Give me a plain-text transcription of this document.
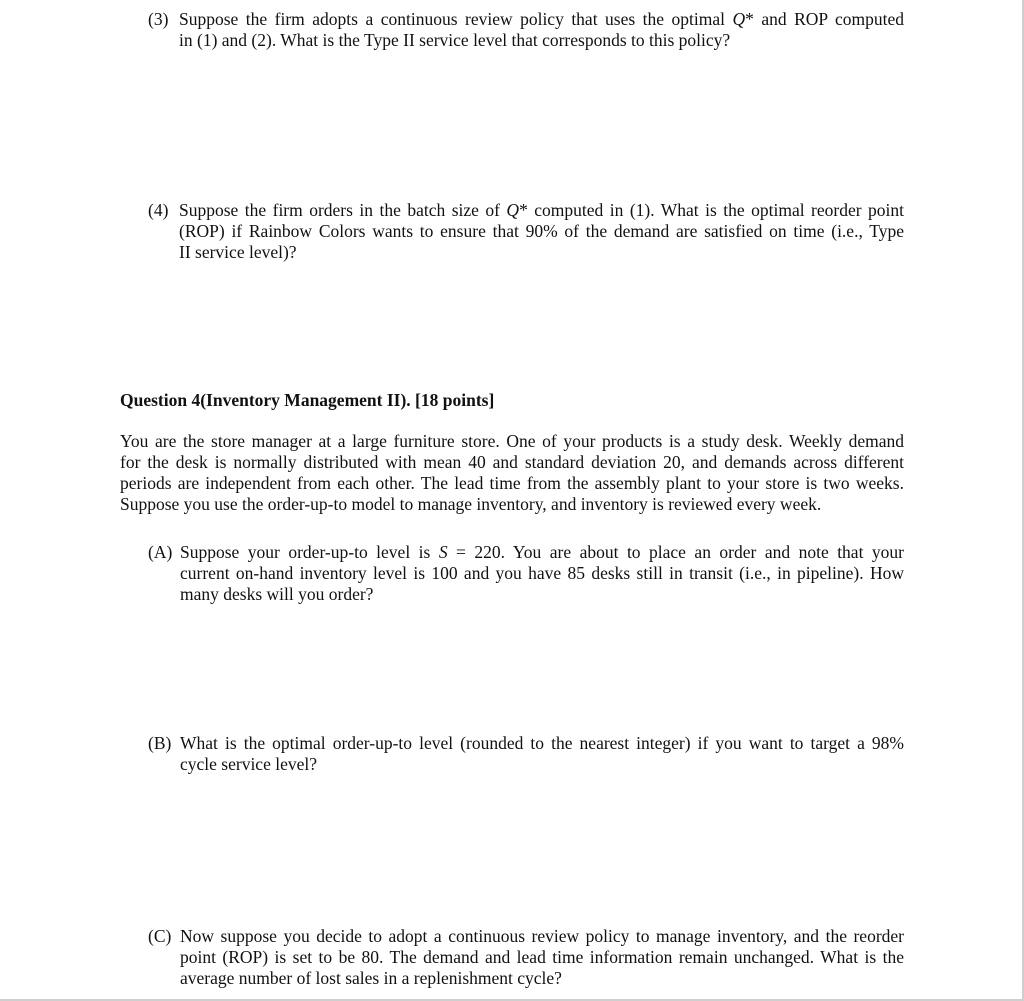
(3) Suppose the firm adopts a continuous review policy that uses the optimal Q* and ROP computed
in (1) and (2). What is the Type II service level that corresponds to this policy?
(4) Suppose the firm orders in the batch size of Q* computed in (1). What is the optimal reorder point
(ROP) if Rainbow Colors wants to ensure that 90% of the demand are satisfied on time (i.e., Type
II service level)?
Question 4(Inventory Management II). [18 points]
You are the store manager at a large furniture store. One of your products is a study desk. Weekly demand
for the desk is normally distributed with mean 40 and standard deviation 20, and demands across different
periods are independent from each other. The lead time from the assembly plant to your store is two weeks.
Suppose you use the order-up-to model to manage inventory, and inventory is reviewed every week.
(A) Suppose your order-up-to level is S = 220. You are about to place an order and note that your
current on-hand inventory level is 100 and you have 85 desks still in transit (i.e., in pipeline). How
many desks will you order?
(B) What is the optimal order-up-to level (rounded to the nearest integer) if you want to target a 98%
cycle service level?
(C) Now suppose you decide to adopt a continuous review policy to manage inventory, and the reorder
point (ROP) is set to be 80. The demand and lead time information remain unchanged. What is the
average number of lost sales in a replenishment cycle?
